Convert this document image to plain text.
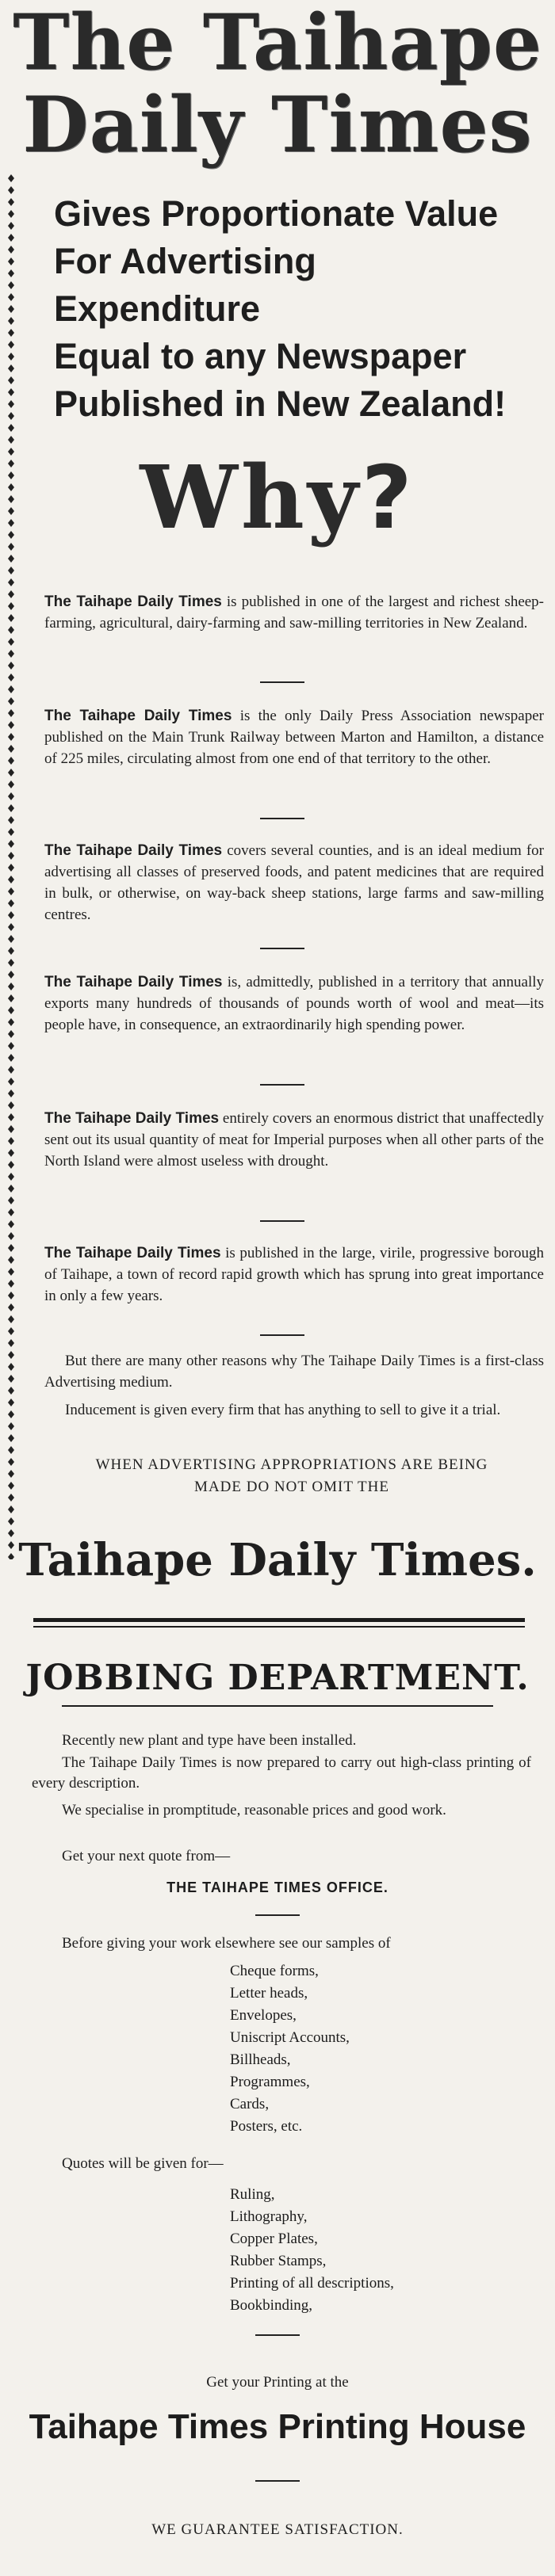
The Taihape
Daily Times
Gives Proportionate Value
For Advertising Expenditure
Equal to any Newspaper
Published in New Zealand!
Why?
The Taihape Daily Times is published in one of the largest and richest sheep-farming, agricultural, dairy-farming and saw-milling territories in New Zealand.
The Taihape Daily Times is the only Daily Press Association newspaper published on the Main Trunk Railway between Marton and Hamilton, a distance of 225 miles, circulating almost from one end of that territory to the other.
The Taihape Daily Times covers several counties, and is an ideal medium for advertising all classes of preserved foods, and patent medicines that are required in bulk, or otherwise, on way-back sheep stations, large farms and saw-milling centres.
The Taihape Daily Times is, admittedly, published in a territory that annually exports many hundreds of thousands of pounds worth of wool and meat—its people have, in consequence, an extraordinarily high spending power.
The Taihape Daily Times entirely covers an enormous district that unaffectedly sent out its usual quantity of meat for Imperial purposes when all other parts of the North Island were almost useless with drought.
The Taihape Daily Times is published in the large, virile, progressive borough of Taihape, a town of record rapid growth which has sprung into great importance in only a few years.
But there are many other reasons why The Taihape Daily Times is a first-class Advertising medium.
Inducement is given every firm that has anything to sell to give it a trial.
WHEN ADVERTISING APPROPRIATIONS ARE BEING
MADE DO NOT OMIT THE
Taihape Daily Times.
JOBBING DEPARTMENT.
Recently new plant and type have been installed.
The Taihape Daily Times is now prepared to carry out high-class printing of every description.
We specialise in promptitude, reasonable prices and good work.
Get your next quote from—
THE TAIHAPE TIMES OFFICE.
Before giving your work elsewhere see our samples of
Cheque forms,
Letter heads,
Envelopes,
Uniscript Accounts,
Billheads,
Programmes,
Cards,
Posters, etc.
Quotes will be given for—
Ruling,
Lithography,
Copper Plates,
Rubber Stamps,
Printing of all descriptions,
Bookbinding,
Get your Printing at the
Taihape Times Printing House
WE GUARANTEE SATISFACTION.
